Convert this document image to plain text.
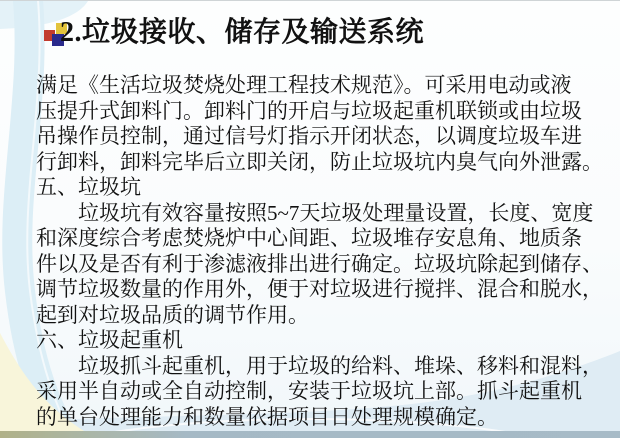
2.垃圾接收、储存及输送系统
满足《生活垃圾焚烧处理工程技术规范》。可采用电动或液
压提升式卸料门。卸料门的开启与垃圾起重机联锁或由垃圾
吊操作员控制，通过信号灯指示开闭状态，以调度垃圾车进
行卸料，卸料完毕后立即关闭，防止垃圾坑内臭气向外泄露。
五、垃圾坑
　　垃圾坑有效容量按照5~7天垃圾处理量设置，长度、宽度
和深度综合考虑焚烧炉中心间距、垃圾堆存安息角、地质条
件以及是否有利于渗滤液排出进行确定。垃圾坑除起到储存、
调节垃圾数量的作用外，便于对垃圾进行搅拌、混合和脱水，
起到对垃圾品质的调节作用。
六、垃圾起重机
　　垃圾抓斗起重机，用于垃圾的给料、堆垛、移料和混料，
采用半自动或全自动控制，安装于垃圾坑上部。抓斗起重机
的单台处理能力和数量依据项目日处理规模确定。
